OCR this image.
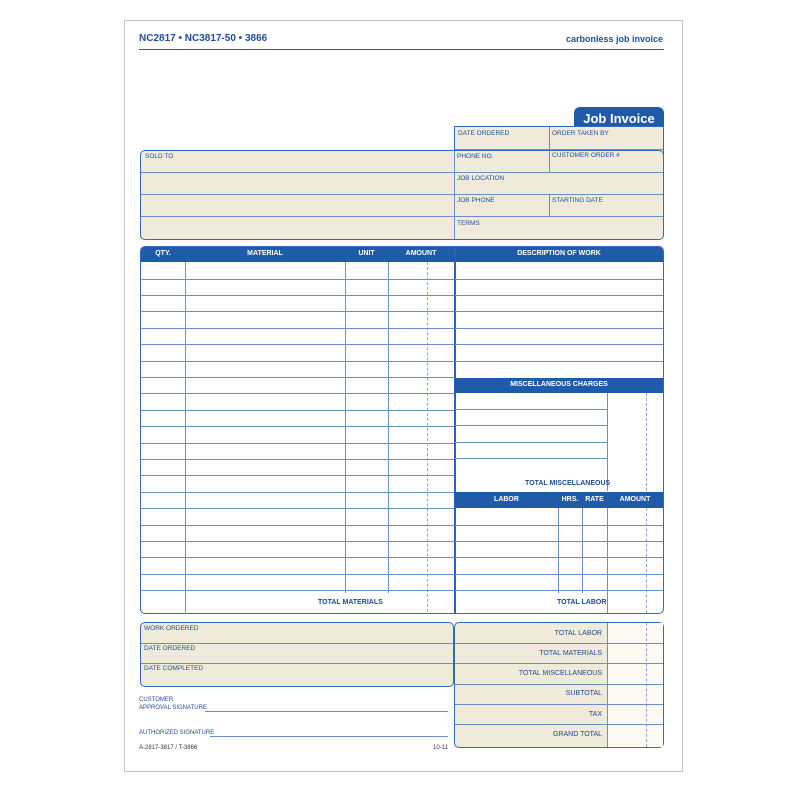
NC2817 • NC3817-50 • 3866	carbonless job invoice
Job Invoice
DATE ORDERED	ORDER TAKEN BY
SOLD TO	PHONE NO.	CUSTOMER ORDER #
JOB LOCATION
JOB PHONE	STARTING DATE
TERMS
QTY.	MATERIAL	UNIT	AMOUNT	DESCRIPTION OF WORK
TOTAL MATERIALS
MISCELLANEOUS CHARGES
TOTAL MISCELLANEOUS
LABOR	HRS. RATE	AMOUNT
TOTAL LABOR
WORK ORDERED
DATE ORDERED
DATE COMPLETED
TOTAL LABOR
TOTAL MATERIALS
TOTAL MISCELLANEOUS
SUBTOTAL
TAX
GRAND TOTAL
CUSTOMER
APPROVAL SIGNATURE
AUTHORIZED SIGNATURE
A-2817-3817 / T-3866	10-11
